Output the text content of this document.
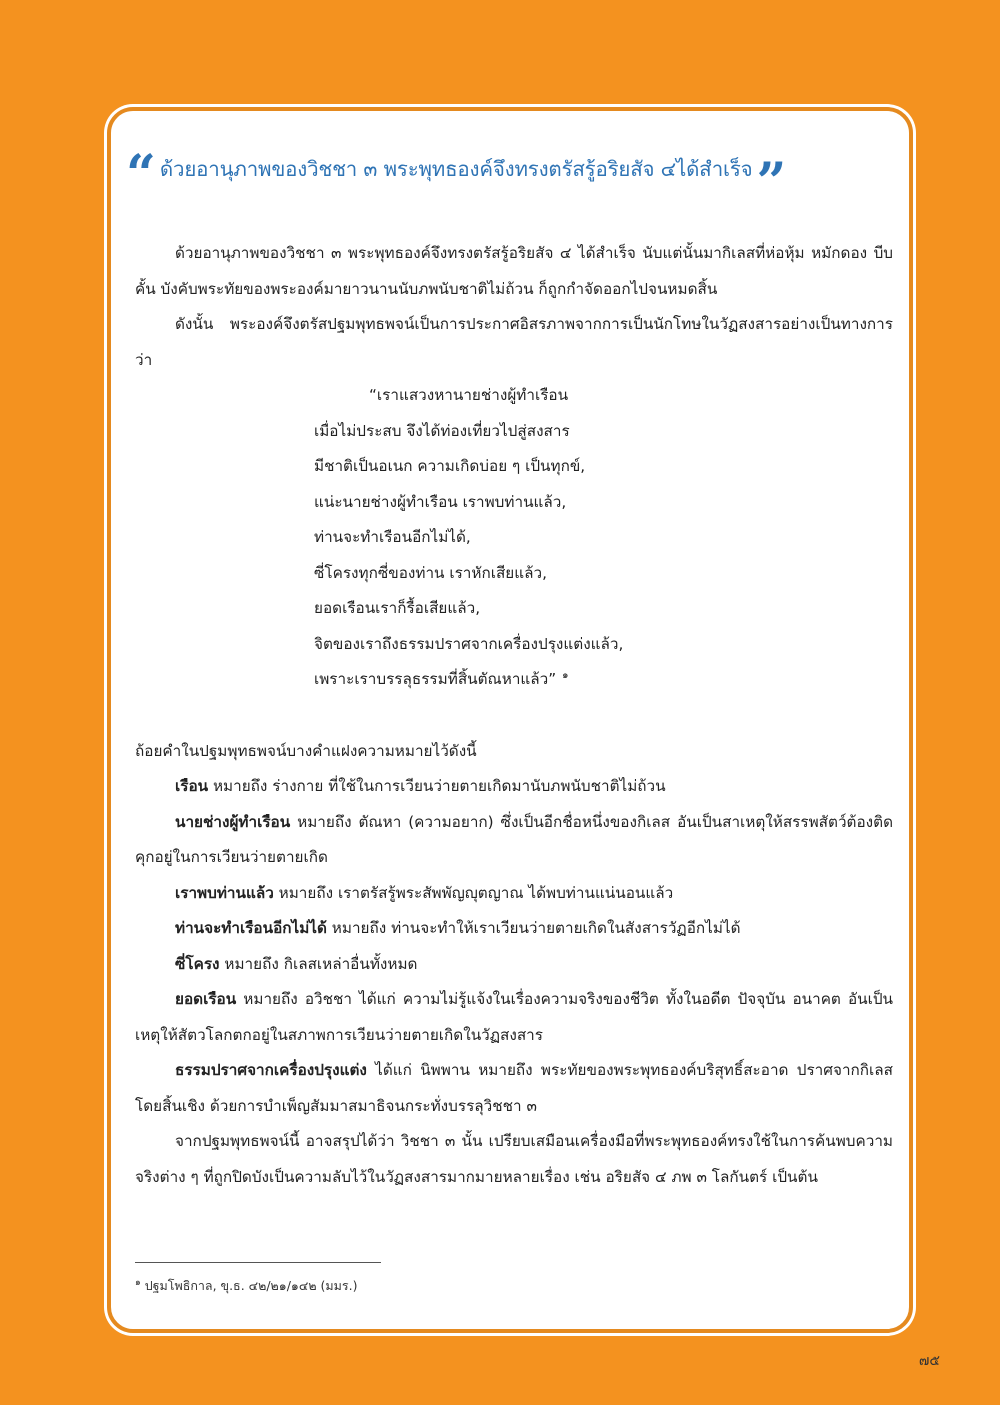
“ ด้วยอานุภาพของวิชชา ๓ พระพุทธองค์จึงทรงตรัสรู้อริยสัจ ๔ได้สำเร็จ ”

ด้วยอานุภาพของวิชชา ๓ พระพุทธองค์จึงทรงตรัสรู้อริยสัจ ๔ ได้สำเร็จ นับแต่นั้นมากิเลสที่ห่อหุ้ม หมักดอง บีบคั้น บังคับพระทัยของพระองค์มายาวนานนับภพนับชาติไม่ถ้วน ก็ถูกกำจัดออกไปจนหมดสิ้น

ดังนั้น พระองค์จึงตรัสปฐมพุทธพจน์เป็นการประกาศอิสรภาพจากการเป็นนักโทษในวัฏสงสารอย่างเป็นทางการว่า

“เราแสวงหานายช่างผู้ทำเรือน
เมื่อไม่ประสบ จึงได้ท่องเที่ยวไปสู่สงสาร
มีชาติเป็นอเนก ความเกิดบ่อย ๆ เป็นทุกข์,
แน่ะนายช่างผู้ทำเรือน เราพบท่านแล้ว,
ท่านจะทำเรือนอีกไม่ได้,
ซี่โครงทุกซี่ของท่าน เราหักเสียแล้ว,
ยอดเรือนเราก็รื้อเสียแล้ว,
จิตของเราถึงธรรมปราศจากเครื่องปรุงแต่งแล้ว,
เพราะเราบรรลุธรรมที่สิ้นตัณหาแล้ว” $^๑$

ถ้อยคำในปฐมพุทธพจน์บางคำแฝงความหมายไว้ดังนี้

เรือน หมายถึง ร่างกาย ที่ใช้ในการเวียนว่ายตายเกิดมานับภพนับชาติไม่ถ้วน

นายช่างผู้ทำเรือน หมายถึง ตัณหา (ความอยาก) ซึ่งเป็นอีกชื่อหนึ่งของกิเลส อันเป็นสาเหตุให้สรรพสัตว์ต้องติดคุกอยู่ในการเวียนว่ายตายเกิด

เราพบท่านแล้ว หมายถึง เราตรัสรู้พระสัพพัญญุตญาณ ได้พบท่านแน่นอนแล้ว

ท่านจะทำเรือนอีกไม่ได้ หมายถึง ท่านจะทำให้เราเวียนว่ายตายเกิดในสังสารวัฏอีกไม่ได้

ซี่โครง หมายถึง กิเลสเหล่าอื่นทั้งหมด

ยอดเรือน หมายถึง อวิชชา ได้แก่ ความไม่รู้แจ้งในเรื่องความจริงของชีวิต ทั้งในอดีต ปัจจุบัน อนาคต อันเป็นเหตุให้สัตวโลกตกอยู่ในสภาพการเวียนว่ายตายเกิดในวัฏสงสาร

ธรรมปราศจากเครื่องปรุงแต่ง ได้แก่ นิพพาน หมายถึง พระทัยของพระพุทธองค์บริสุทธิ์สะอาด ปราศจากกิเลสโดยสิ้นเชิง ด้วยการบำเพ็ญสัมมาสมาธิจนกระทั่งบรรลุวิชชา ๓

จากปฐมพุทธพจน์นี้ อาจสรุปได้ว่า วิชชา ๓ นั้น เปรียบเสมือนเครื่องมือที่พระพุทธองค์ทรงใช้ในการค้นพบความจริงต่าง ๆ ที่ถูกปิดบังเป็นความลับไว้ในวัฏสงสารมากมายหลายเรื่อง เช่น อริยสัจ ๔ ภพ ๓ โลกันตร์ เป็นต้น

$^๑$ ปฐมโพธิกาล, ขุ.ธ. ๔๒/๒๑/๑๔๒ (มมร.)
๗๕
